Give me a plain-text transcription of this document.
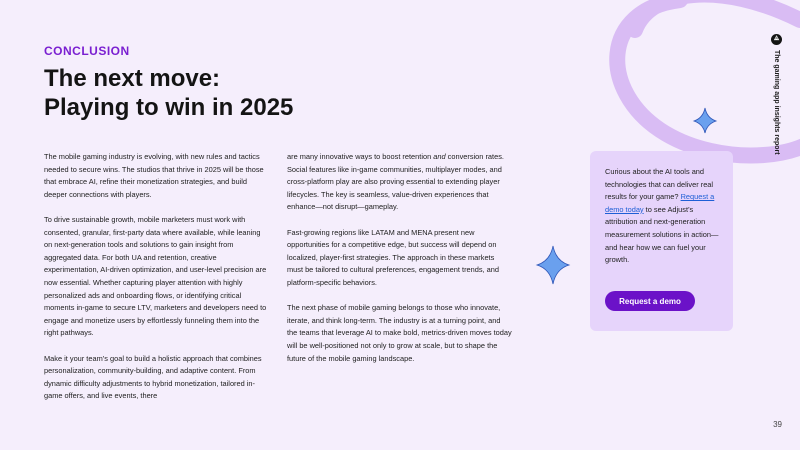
CONCLUSION
The next move:
Playing to win in 2025
⟁
The gaming app insights report

The mobile gaming industry is evolving, with new rules and tactics needed to secure wins. The studios that thrive in 2025 will be those that embrace AI, refine their monetization strategies, and build deeper connections with players.

To drive sustainable growth, mobile marketers must work with consented, granular, first-party data where available, while leaning on next-generation tools and solutions to gain insight from aggregated data. For both UA and retention, creative experimentation, AI-driven optimization, and user-level precision are now essential. Whether capturing player attention with highly personalized ads and onboarding flows, or identifying critical moments in-game to secure LTV, marketers and developers need to engage and monetize users by effortlessly funneling them into the right pathways.

Make it your team’s goal to build a holistic approach that combines personalization, community-building, and adaptive content. From dynamic difficulty adjustments to hybrid monetization, tailored in-game offers, and live events, there

are many innovative ways to boost retention and conversion rates. Social features like in-game communities, multiplayer modes, and cross-platform play are also proving essential to extending player lifecycles. The key is seamless, value-driven experiences that enhance—not disrupt—gameplay.

Fast-growing regions like LATAM and MENA present new opportunities for a competitive edge, but success will depend on localized, player-first strategies. The approach in these markets must be tailored to cultural preferences, engagement trends, and platform-specific behaviors.

The next phase of mobile gaming belongs to those who innovate, iterate, and think long-term. The industry is at a turning point, and the teams that leverage AI to make bold, metrics-driven moves today will be well-positioned not only to grow at scale, but to shape the future of the mobile gaming landscape.

Curious about the AI tools and technologies that can deliver real results for your game? Request a demo today to see Adjust’s attribution and next-generation measurement solutions in action—and hear how we can fuel your growth.
Request a demo
39
